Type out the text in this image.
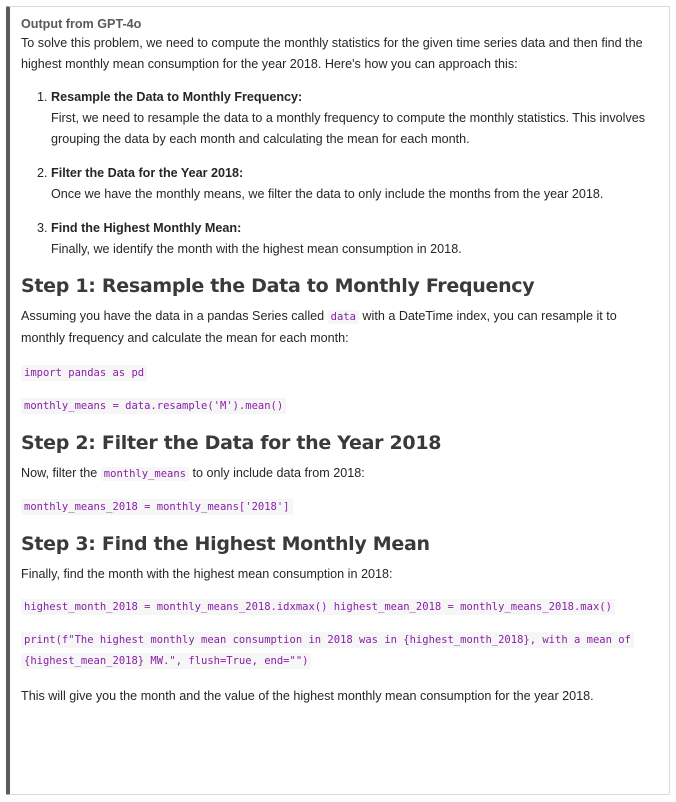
Output from GPT-4o

To solve this problem, we need to compute the monthly statistics for the given time series data and then find the highest monthly mean consumption for the year 2018. Here's how you can approach this:

1. Resample the Data to Monthly Frequency:

First, we need to resample the data to a monthly frequency to compute the monthly statistics. This involves grouping the data by each month and calculating the mean for each month.

2. Filter the Data for the Year 2018:

Once we have the monthly means, we filter the data to only include the months from the year 2018.

3. Find the Highest Monthly Mean:

Finally, we identify the month with the highest mean consumption in 2018.

Step 1: Resample the Data to Monthly Frequency

Assuming you have the data in a pandas Series called data with a DateTime index, you can resample it to monthly frequency and calculate the mean for each month:

import pandas as pd
monthly_means = data.resample('M').mean()
Step 2: Filter the Data for the Year 2018

Now, filter the monthly_means to only include data from 2018:

monthly_means_2018 = monthly_means['2018']
Step 3: Find the Highest Monthly Mean

Finally, find the month with the highest mean consumption in 2018:

highest_month_2018 = monthly_means_2018.idxmax() highest_mean_2018 = monthly_means_2018.max()
print(f"The highest monthly mean consumption in 2018 was in {highest_month_2018}, with a mean of {highest_mean_2018} MW.", flush=True, end="")

This will give you the month and the value of the highest monthly mean consumption for the year 2018.
